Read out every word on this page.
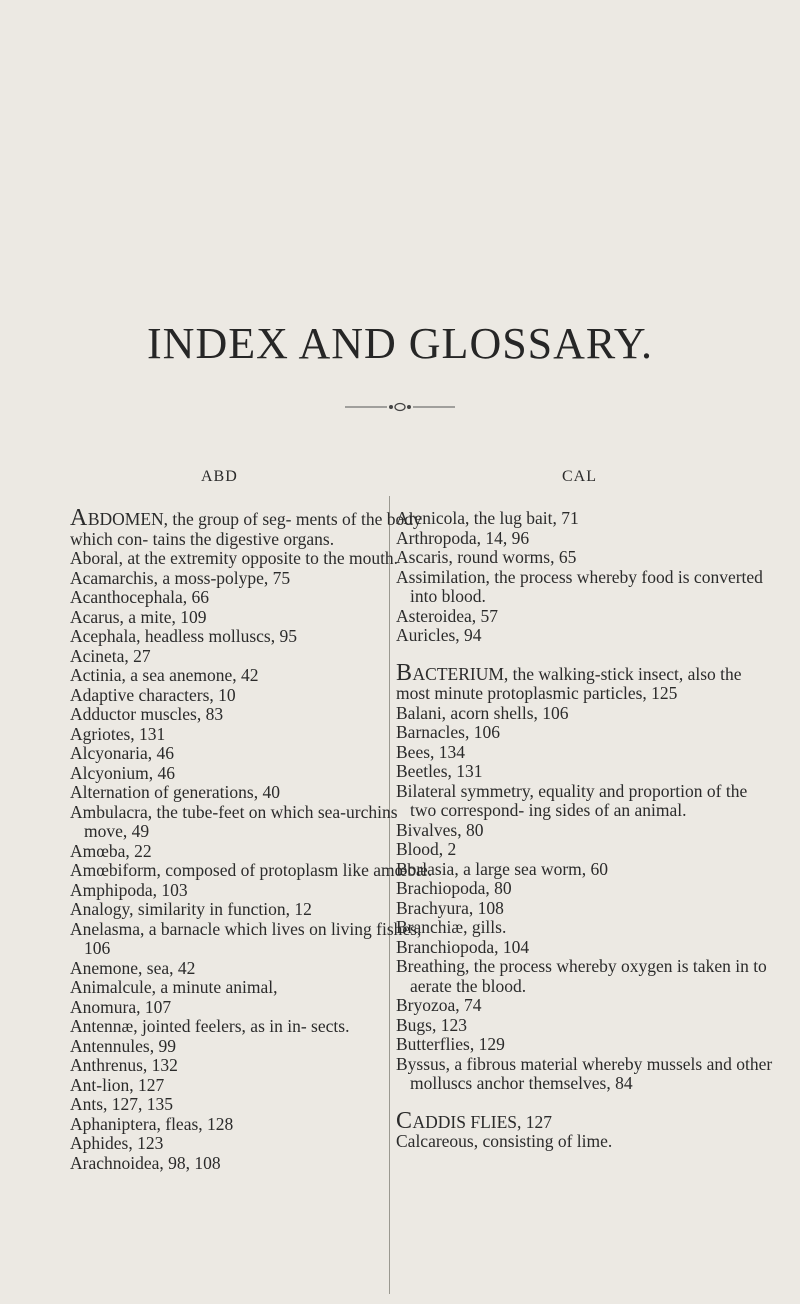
INDEX AND GLOSSARY.
ABD	CAL

ABDOMEN, the group of seg- ments of the body which con- tains the digestive organs.

Aboral, at the extremity opposite to the mouth.

Acamarchis, a moss-polype, 75

Acanthocephala, 66

Acarus, a mite, 109

Acephala, headless molluscs, 95

Acineta, 27

Actinia, a sea anemone, 42

Adaptive characters, 10

Adductor muscles, 83

Agriotes, 131

Alcyonaria, 46

Alcyonium, 46

Alternation of generations, 40

Ambulacra, the tube-feet on which sea-urchins move, 49

Amœba, 22

Amœbiform, composed of protoplasm like amœbæ.

Amphipoda, 103

Analogy, similarity in function, 12

Anelasma, a barnacle which lives on living fishes, 106

Anemone, sea, 42

Animalcule, a minute animal,

Anomura, 107

Antennæ, jointed feelers, as in in- sects.

Antennules, 99

Anthrenus, 132

Ant-lion, 127

Ants, 127, 135

Aphaniptera, fleas, 128

Aphides, 123

Arachnoidea, 98, 108

Arenicola, the lug bait, 71

Arthropoda, 14, 96

Ascaris, round worms, 65

Assimilation, the process whereby food is converted into blood.

Asteroidea, 57

Auricles, 94

BACTERIUM, the walking-stick insect, also the most minute protoplasmic particles, 125

Balani, acorn shells, 106

Barnacles, 106

Bees, 134

Beetles, 131

Bilateral symmetry, equality and proportion of the two correspond- ing sides of an animal.

Bivalves, 80

Blood, 2

Borlasia, a large sea worm, 60

Brachiopoda, 80

Brachyura, 108

Branchiæ, gills.

Branchiopoda, 104

Breathing, the process whereby oxygen is taken in to aerate the blood.

Bryozoa, 74

Bugs, 123

Butterflies, 129

Byssus, a fibrous material whereby mussels and other molluscs anchor themselves, 84

CADDIS FLIES, 127

Calcareous, consisting of lime.
